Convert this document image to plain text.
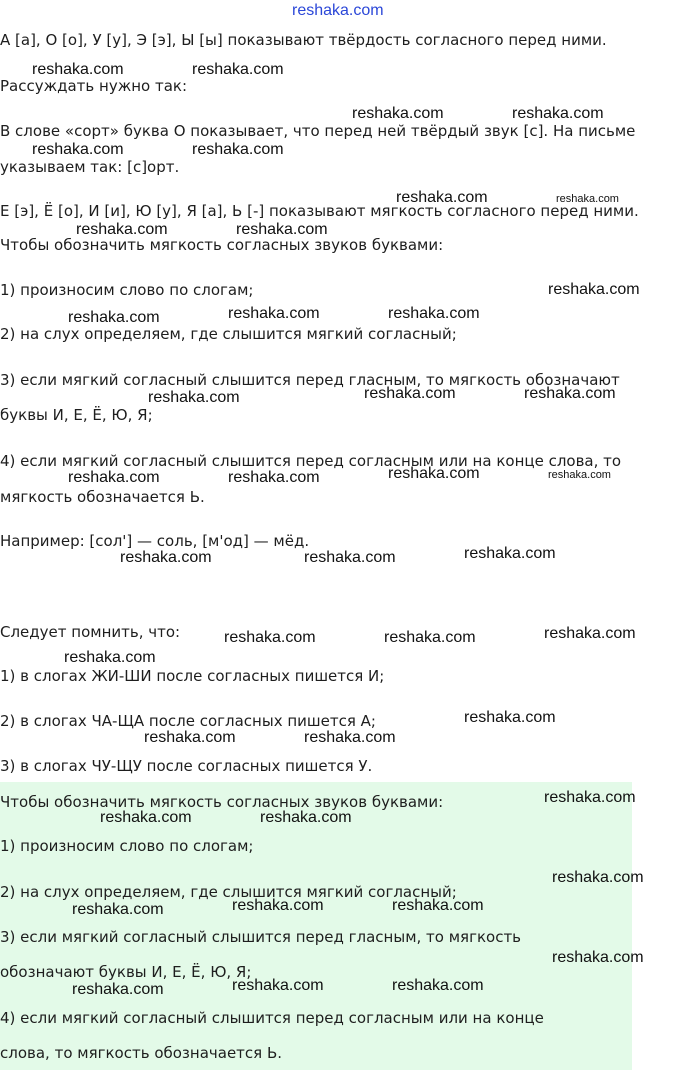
reshaka.com
А [а], О [о], У [у], Э [э], Ы [ы] показывают твёрдость согласного перед ними.
Рассуждать нужно так:
В слове «сорт» буква О показывает, что перед ней твёрдый звук [с]. На письме
указываем так: [с]орт.
Е [э], Ё [о], И [и], Ю [у], Я [а], Ь [-] показывают мягкость согласного перед ними.
Чтобы обозначить мягкость согласных звуков буквами:
1) произносим слово по слогам;
2) на слух определяем, где слышится мягкий согласный;
3) если мягкий согласный слышится перед гласным, то мягкость обозначают
буквы И, Е, Ё, Ю, Я;
4) если мягкий согласный слышится перед согласным или на конце слова, то
мягкость обозначается Ь.
Например: [сол'] — соль, [м'од] — мёд.
Следует помнить, что:
1) в слогах ЖИ-ШИ после согласных пишется И;
2) в слогах ЧА-ЩА после согласных пишется А;
3) в слогах ЧУ-ЩУ после согласных пишется У.
Чтобы обозначить мягкость согласных звуков буквами:
1) произносим слово по слогам;
2) на слух определяем, где слышится мягкий согласный;
3) если мягкий согласный слышится перед гласным, то мягкость
обозначают буквы И, Е, Ё, Ю, Я;
4) если мягкий согласный слышится перед согласным или на конце
слова, то мягкость обозначается Ь.
reshaka.com	reshaka.com
reshaka.com	reshaka.com
reshaka.com	reshaka.com
reshaka.com	reshaka.com
reshaka.com	reshaka.com
reshaka.com
reshaka.com	reshaka.com
reshaka.com
reshaka.com	reshaka.com
reshaka.com
reshaka.com	reshaka.com
reshaka.com	reshaka.com
reshaka.com
reshaka.com	reshaka.com
reshaka.com
reshaka.com	reshaka.com
reshaka.com
reshaka.com
reshaka.com	reshaka.com
reshaka.com
reshaka.com	reshaka.com
reshaka.com
reshaka.com	reshaka.com
reshaka.com
reshaka.com
reshaka.com	reshaka.com
reshaka.com
